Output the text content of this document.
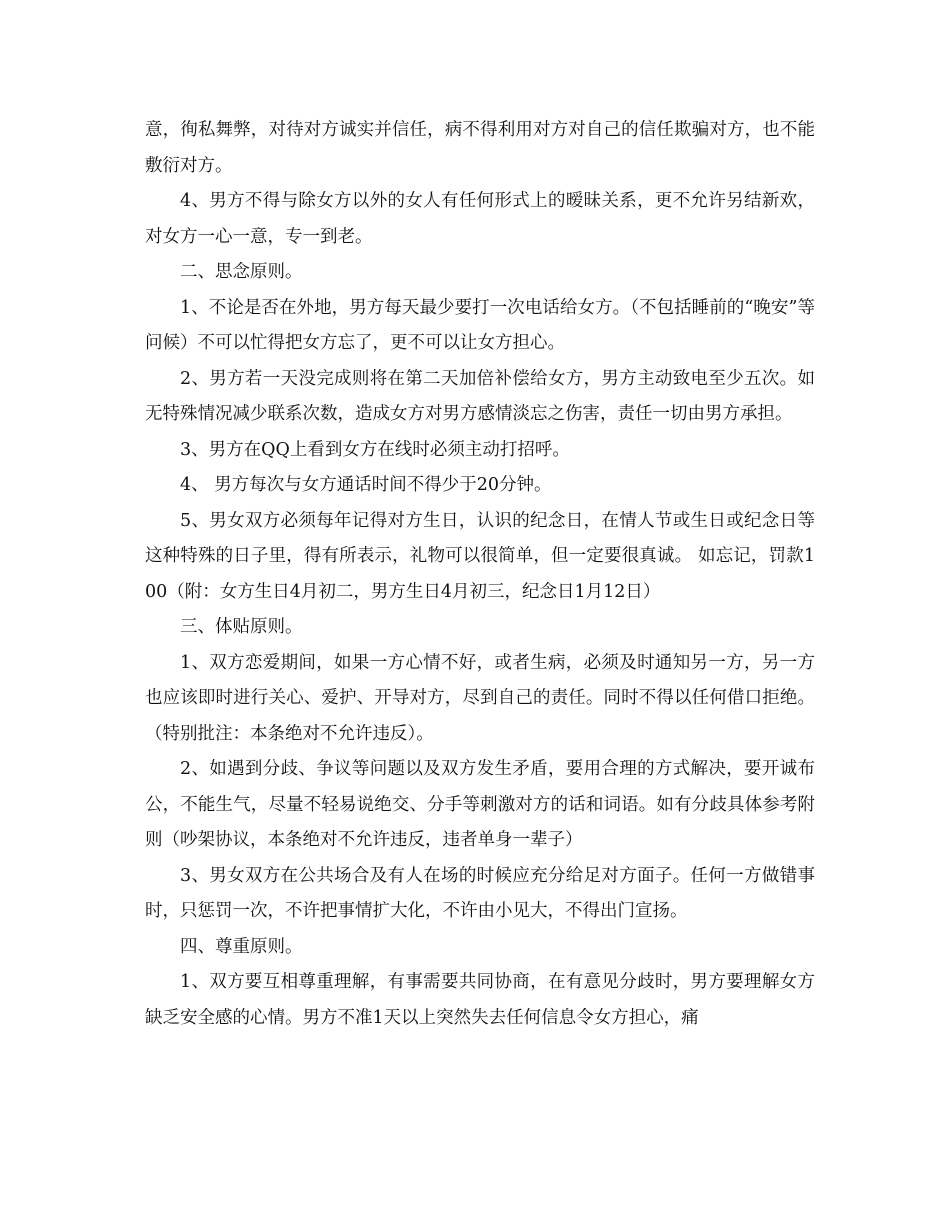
意，徇私舞弊，对待对方诚实并信任，病不得利用对方对自己的信任欺骗对方，也不能敷衍对方。

4、男方不得与除女方以外的女人有任何形式上的暧昧关系，更不允许另结新欢，对女方一心一意，专一到老。

二、思念原则。

1、不论是否在外地，男方每天最少要打一次电话给女方。（不包括睡前的“晚安”等问候）不可以忙得把女方忘了，更不可以让女方担心。

2、男方若一天没完成则将在第二天加倍补偿给女方，男方主动致电至少五次。如无特殊情况减少联系次数，造成女方对男方感情淡忘之伤害，责任一切由男方承担。

3、男方在QQ上看到女方在线时必须主动打招呼。

4、 男方每次与女方通话时间不得少于20分钟。

5、男女双方必须每年记得对方生日，认识的纪念日，在情人节或生日或纪念日等这种特殊的日子里，得有所表示，礼物可以很简单，但一定要很真诚。 如忘记，罚款100（附：女方生日4月初二，男方生日4月初三，纪念日1月12日）

三、体贴原则。

1、双方恋爱期间，如果一方心情不好，或者生病，必须及时通知另一方，另一方也应该即时进行关心、爱护、开导对方，尽到自己的责任。同时不得以任何借口拒绝。（特别批注：本条绝对不允许违反）。

2、如遇到分歧、争议等问题以及双方发生矛盾，要用合理的方式解决，要开诚布公，不能生气，尽量不轻易说绝交、分手等刺激对方的话和词语。如有分歧具体参考附则（吵架协议，本条绝对不允许违反，违者单身一辈子）

3、男女双方在公共场合及有人在场的时候应充分给足对方面子。任何一方做错事时，只惩罚一次，不许把事情扩大化，不许由小见大，不得出门宣扬。

四、尊重原则。

1、双方要互相尊重理解，有事需要共同协商，在有意见分歧时，男方要理解女方缺乏安全感的心情。男方不准1天以上突然失去任何信息令女方担心，痛
